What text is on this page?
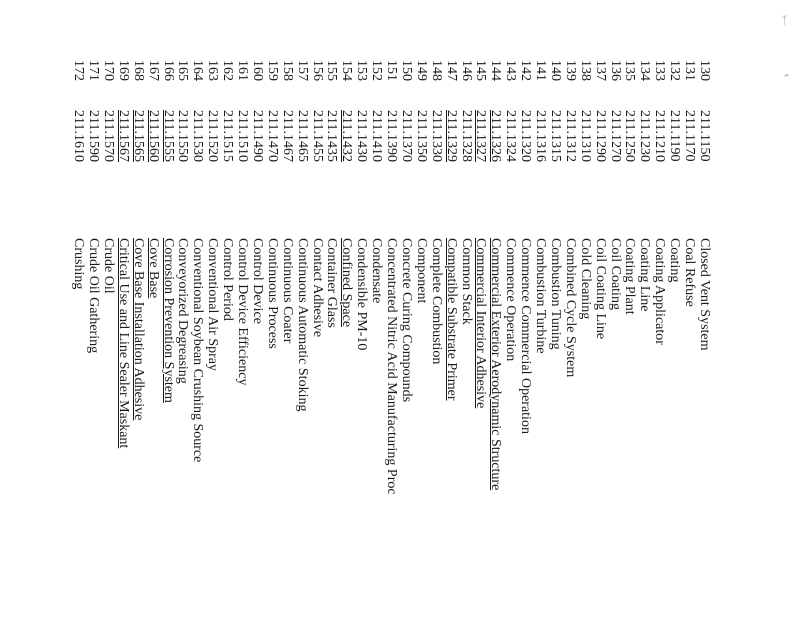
ᛉ
⌃
130
211.1150
Closed Vent System
131
211.1170
Coal Refuse
132
211.1190
Coating
133
211.1210
Coating Applicator
134
211.1230
Coating Line
135
211.1250
Coating Plant
136
211.1270
Coil Coating
137
211.1290
Coil Coating Line
138
211.1310
Cold Cleaning
139
211.1312
Combined Cycle System
140
211.1315
Combustion Tuning
141
211.1316
Combustion Turbine
142
211.1320
Commence Commercial Operation
143
211.1324
Commence Operation
144
211.1326
Commercial Exterior Aerodynamic Structure
145
211.1327
Commercial Interior Adhesive
146
211.1328
Common Stack
147
211.1329
Compatible Substrate Primer
148
211.1330
Complete Combustion
149
211.1350
Component
150
211.1370
Concrete Curing Compounds
151
211.1390
Concentrated Nitric Acid Manufacturing Proc
152
211.1410
Condensate
153
211.1430
Condensible PM-10
154
211.1432
Confined Space
155
211.1435
Container Glass
156
211.1455
Contact Adhesive
157
211.1465
Continuous Automatic Stoking
158
211.1467
Continuous Coater
159
211.1470
Continuous Process
160
211.1490
Control Device
161
211.1510
Control Device Efficiency
162
211.1515
Control Period
163
211.1520
Conventional Air Spray
164
211.1530
Conventional Soybean Crushing Source
165
211.1550
Conveyorized Degreasing
166
211.1555
Corrosion Prevention System
167
211.1560
Cove Base
168
211.1565
Cove Base Installation Adhesive
169
211.1567
Critical Use and Line Sealer Maskant
170
211.1570
Crude Oil
171
211.1590
Crude Oil Gathering
172
211.1610
Crushing
